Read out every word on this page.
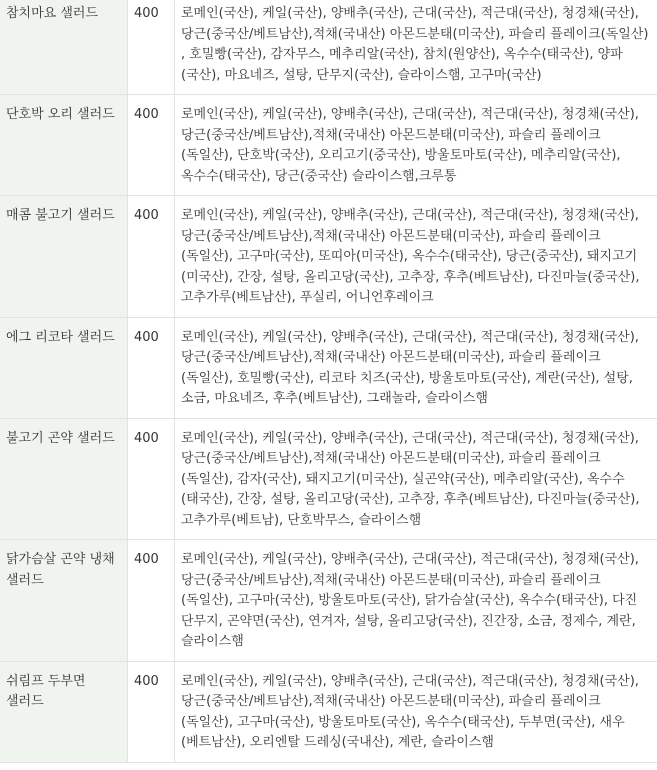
참치마요 샐러드	400	로메인(국산), 케일(국산), 양배추(국산), 근대(국산), 적근대(국산), 청경채(국산), 당근(중국산/베트남산),적채(국내산) 아몬드분태(미국산), 파슬리 플레이크(독일산) , 호밀빵(국산), 감자무스, 메추리알(국산), 참치(원양산), 옥수수(태국산), 양파(국산), 마요네즈, 설탕, 단무지(국산), 슬라이스햄, 고구마(국산)
단호박 오리 샐러드	400	로메인(국산), 케일(국산), 양배추(국산), 근대(국산), 적근대(국산), 청경채(국산), 당근(중국산/베트남산),적채(국내산) 아몬드분태(미국산), 파슬리 플레이크(독일산), 단호박(국산), 오리고기(중국산), 방울토마토(국산), 메추리알(국산), 옥수수(태국산), 당근(중국산) 슬라이스햄,크루통
매콤 불고기 샐러드	400	로메인(국산), 케일(국산), 양배추(국산), 근대(국산), 적근대(국산), 청경채(국산), 당근(중국산/베트남산),적채(국내산) 아몬드분태(미국산), 파슬리 플레이크(독일산), 고구마(국산), 또띠아(미국산), 옥수수(태국산), 당근(중국산), 돼지고기(미국산), 간장, 설탕, 올리고당(국산), 고추장, 후추(베트남산), 다진마늘(중국산), 고추가루(베트남산), 푸실리, 어니언후레이크
에그 리코타 샐러드	400	로메인(국산), 케일(국산), 양배추(국산), 근대(국산), 적근대(국산), 청경채(국산), 당근(중국산/베트남산),적채(국내산) 아몬드분태(미국산), 파슬리 플레이크(독일산), 호밀빵(국산), 리코타 치즈(국산), 방울토마토(국산), 계란(국산), 설탕, 소금, 마요네즈, 후추(베트남산), 그래놀라, 슬라이스햄
불고기 곤약 샐러드	400	로메인(국산), 케일(국산), 양배추(국산), 근대(국산), 적근대(국산), 청경채(국산), 당근(중국산/베트남산),적채(국내산) 아몬드분태(미국산), 파슬리 플레이크(독일산), 감자(국산), 돼지고기(미국산), 실곤약(국산), 메추리알(국산), 옥수수(태국산), 간장, 설탕, 올리고당(국산), 고추장, 후추(베트남산), 다진마늘(중국산), 고추가루(베트남), 단호박무스, 슬라이스햄
닭가슴살 곤약 냉채 샐러드	400	로메인(국산), 케일(국산), 양배추(국산), 근대(국산), 적근대(국산), 청경채(국산), 당근(중국산/베트남산),적채(국내산) 아몬드분태(미국산), 파슬리 플레이크(독일산), 고구마(국산), 방울토마토(국산), 닭가슴살(국산), 옥수수(태국산), 다진 단무지, 곤약면(국산), 연겨자, 설탕, 올리고당(국산), 진간장, 소금, 정제수, 계란,슬라이스햄
쉬림프 두부면 샐러드	400	로메인(국산), 케일(국산), 양배추(국산), 근대(국산), 적근대(국산), 청경채(국산), 당근(중국산/베트남산),적채(국내산) 아몬드분태(미국산), 파슬리 플레이크(독일산), 고구마(국산), 방울토마토(국산), 옥수수(태국산), 두부면(국산), 새우(베트남산), 오리엔탈 드레싱(국내산), 계란, 슬라이스햄
